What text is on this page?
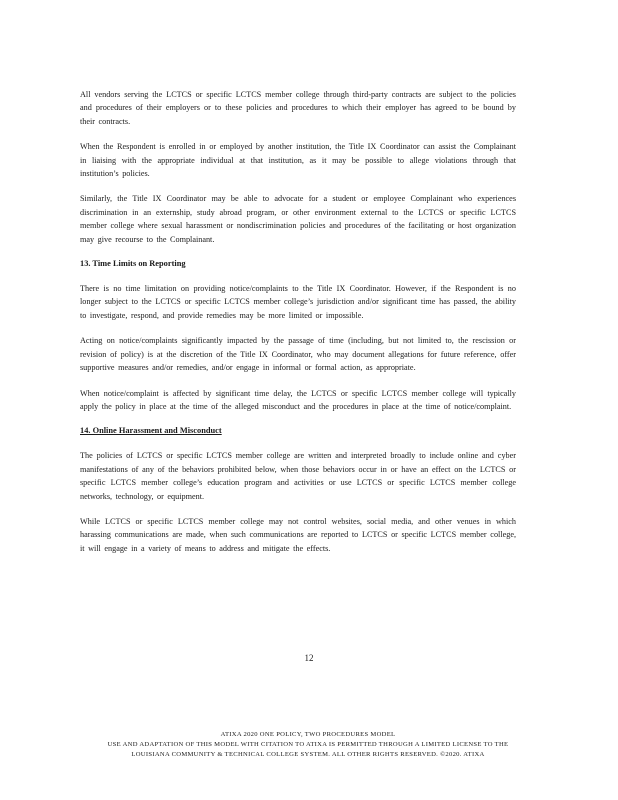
All vendors serving the LCTCS or specific LCTCS member college through third-party contracts are subject to the policies and procedures of their employers or to these policies and procedures to which their employer has agreed to be bound by their contracts.

When the Respondent is enrolled in or employed by another institution, the Title IX Coordinator can assist the Complainant in liaising with the appropriate individual at that institution, as it may be possible to allege violations through that institution’s policies.

Similarly, the Title IX Coordinator may be able to advocate for a student or employee Complainant who experiences discrimination in an externship, study abroad program, or other environment external to the LCTCS or specific LCTCS member college where sexual harassment or nondiscrimination policies and procedures of the facilitating or host organization may give recourse to the Complainant.

13. Time Limits on Reporting

There is no time limitation on providing notice/complaints to the Title IX Coordinator. However, if the Respondent is no longer subject to the LCTCS or specific LCTCS member college’s jurisdiction and/or significant time has passed, the ability to investigate, respond, and provide remedies may be more limited or impossible.

Acting on notice/complaints significantly impacted by the passage of time (including, but not limited to, the rescission or revision of policy) is at the discretion of the Title IX Coordinator, who may document allegations for future reference, offer supportive measures and/or remedies, and/or engage in informal or formal action, as appropriate.

When notice/complaint is affected by significant time delay, the LCTCS or specific LCTCS member college will typically apply the policy in place at the time of the alleged misconduct and the procedures in place at the time of notice/complaint.

14. Online Harassment and Misconduct

The policies of LCTCS or specific LCTCS member college are written and interpreted broadly to include online and cyber manifestations of any of the behaviors prohibited below, when those behaviors occur in or have an effect on the LCTCS or specific LCTCS member college’s education program and activities or use LCTCS or specific LCTCS member college networks, technology, or equipment.

While LCTCS or specific LCTCS member college may not control websites, social media, and other venues in which harassing communications are made, when such communications are reported to LCTCS or specific LCTCS member college, it will engage in a variety of means to address and mitigate the effects.

12
ATIXA 2020 ONE POLICY, TWO PROCEDURES MODEL
USE AND ADAPTATION OF THIS MODEL WITH CITATION TO ATIXA IS PERMITTED THROUGH A LIMITED LICENSE TO THE
LOUISIANA COMMUNITY & TECHNICAL COLLEGE SYSTEM. ALL OTHER RIGHTS RESERVED. ©2020. ATIXA
